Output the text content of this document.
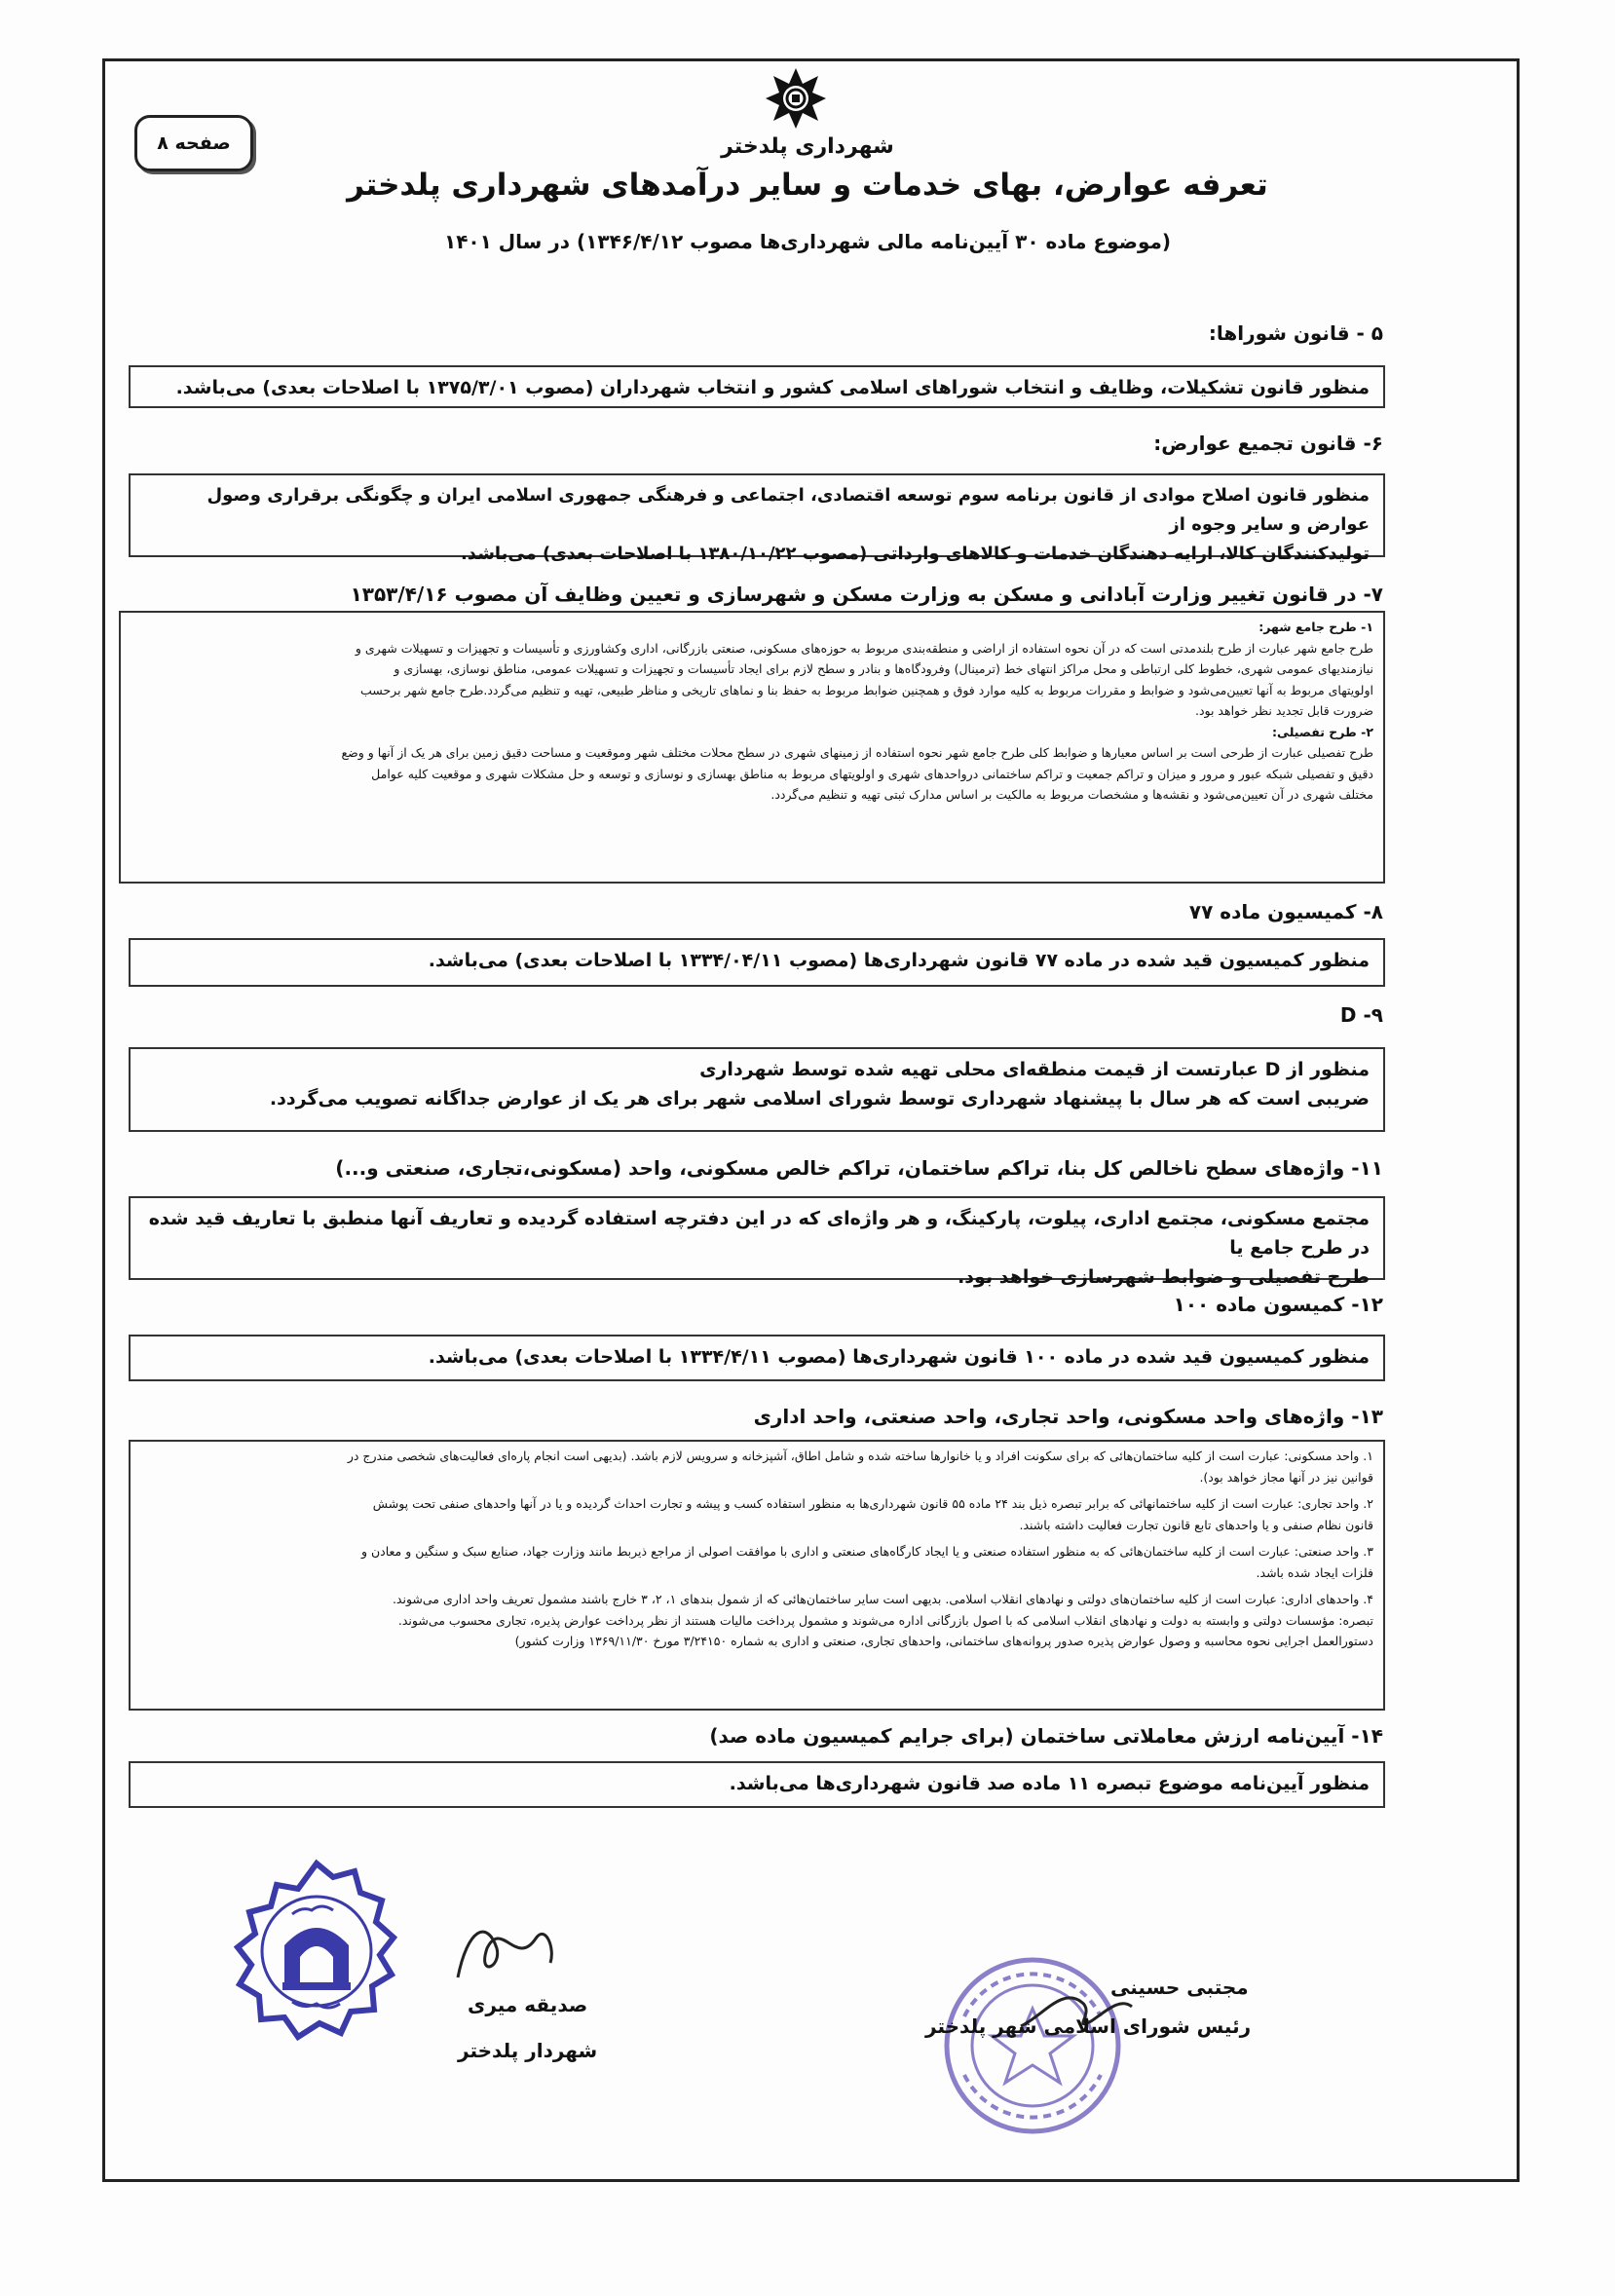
صفحه ۸	شهرداری پلدختر
تعرفه عوارض، بهای خدمات و سایر درآمدهای شهرداری پلدختر
(موضوع ماده ۳۰ آیین‌نامه مالی شهرداری‌ها مصوب ۱۳۴۶/۴/۱۲) در سال ۱۴۰۱
۵ - قانون شوراها:

منظور قانون تشکیلات، وظایف و انتخاب شوراهای اسلامی کشور و انتخاب شهرداران (مصوب ۱۳۷۵/۳/۰۱ با اصلاحات بعدی) می‌باشد.

۶- قانون تجمیع عوارض:

منظور قانون اصلاح موادی از قانون برنامه سوم توسعه اقتصادی، اجتماعی و فرهنگی جمهوری اسلامی ایران و چگونگی برقراری وصول عوارض و سایر وجوه از

تولیدکنندگان کالا، ارایه دهندگان خدمات و کالاهای وارداتی (مصوب ۱۳۸۰/۱۰/۲۲ با اصلاحات بعدی) می‌باشد.

۷- در قانون تغییر وزارت آبادانی و مسکن به وزارت مسکن و شهرسازی و تعیین وظایف آن مصوب ۱۳۵۳/۴/۱۶

۱- طرح جامع شهر:

طرح جامع شهر عبارت از طرح بلندمدتی است که در آن نحوه استفاده از اراضی و منطقه‌بندی مربوط به حوزه‌های مسکونی، صنعتی بازرگانی، اداری وکشاورزی و تأسیسات و تجهیزات و تسهیلات شهری و

نیازمندیهای عمومی شهری، خطوط کلی ارتباطی و محل مراکز انتهای خط (ترمینال) وفرودگاه‌ها و بنادر و سطح لازم برای ایجاد تأسیسات و تجهیزات و تسهیلات عمومی، مناطق نوسازی، بهسازی و

اولویتهای مربوط به آنها تعیین‌می‌شود و ضوابط و مقررات مربوط به کلیه موارد فوق و همچنین ضوابط مربوط به حفظ بنا و نماهای تاریخی و مناظر طبیعی، تهیه و تنظیم می‌گردد.طرح جامع شهر برحسب

ضرورت قابل تجدید نظر خواهد بود.

۲- طرح تفصیلی:

طرح تفصیلی عبارت از طرحی است بر اساس معیارها و ضوابط کلی طرح جامع شهر نحوه استفاده از زمینهای شهری در سطح محلات مختلف شهر وموقعیت و مساحت دقیق زمین برای هر یک از آنها و وضع

دقیق و تفصیلی شبکه عبور و مرور و میزان و تراکم جمعیت و تراکم ساختمانی درواحدهای شهری و اولویتهای مربوط به مناطق بهسازی و نوسازی و توسعه و حل مشکلات شهری و موقعیت کلیه عوامل

مختلف شهری در آن تعیین‌می‌شود و نقشه‌ها و مشخصات مربوط به مالکیت بر اساس مدارک ثبتی تهیه و تنظیم می‌گردد.

۸- کمیسیون ماده ۷۷

منظور کمیسیون قید شده در ماده ۷۷ قانون شهرداری‌ها (مصوب ۱۳۳۴/۰۴/۱۱ با اصلاحات بعدی) می‌باشد.

۹- D

منظور از D عبارتست از قیمت منطقه‌ای محلی تهیه شده توسط شهرداری

ضریبی است که هر سال با پیشنهاد شهرداری توسط شورای اسلامی شهر برای هر یک از عوارض جداگانه تصویب می‌گردد.

۱۱- واژه‌های سطح ناخالص کل بنا، تراکم ساختمان، تراکم خالص مسکونی، واحد (مسکونی،تجاری، صنعتی و...)

مجتمع مسکونی، مجتمع اداری، پیلوت، پارکینگ، و هر واژه‌ای که در این دفترچه استفاده گردیده و تعاریف آنها منطبق با تعاریف قید شده در طرح جامع یا

طرح تفصیلی و ضوابط شهرسازی خواهد بود.

۱۲- کمیسون ماده ۱۰۰

منظور کمیسیون قید شده در ماده ۱۰۰ قانون شهرداری‌ها (مصوب ۱۳۳۴/۴/۱۱ با اصلاحات بعدی) می‌باشد.

۱۳- واژه‌های واحد مسکونی، واحد تجاری، واحد صنعتی، واحد اداری

۱. واحد مسکونی: عبارت است از کلیه ساختمان‌هائی که برای سکونت افراد و یا خانوارها ساخته شده و شامل اطاق، آشپزخانه و سرویس لازم باشد. (بدیهی است انجام پاره‌ای فعالیت‌های شخصی مندرج در

قوانین نیز در آنها مجاز خواهد بود).

۲. واحد تجاری: عبارت است از کلیه ساختمانهائی که برابر تبصره ذیل بند ۲۴ ماده ۵۵ قانون شهرداری‌ها به منظور استفاده کسب و پیشه و تجارت احداث گردیده و یا در آنها واحدهای صنفی تحت پوشش

قانون نظام صنفی و یا واحدهای تابع قانون تجارت فعالیت داشته باشند.

۳. واحد صنعتی: عبارت است از کلیه ساختمان‌هائی که به منظور استفاده صنعتی و یا ایجاد کارگاه‌های صنعتی و اداری با موافقت اصولی از مراجع ذیربط مانند وزارت جهاد، صنایع سبک و سنگین و معادن و

فلزات ایجاد شده باشد.

۴. واحدهای اداری: عبارت است از کلیه ساختمان‌های دولتی و نهادهای انقلاب اسلامی. بدیهی است سایر ساختمان‌هائی که از شمول بندهای ۱، ۲، ۳ خارج باشند مشمول تعریف واحد اداری می‌شوند.

تبصره: مؤسسات دولتی و وابسته به دولت و نهادهای انقلاب اسلامی که با اصول بازرگانی اداره می‌شوند و مشمول پرداخت مالیات هستند از نظر پرداخت عوارض پذیره، تجاری محسوب می‌شوند.

دستورالعمل اجرایی نحوه محاسبه و وصول عوارض پذیره صدور پروانه‌های ساختمانی، واحدهای تجاری، صنعتی و اداری به شماره ۳/۲۴۱۵۰ مورخ ۱۳۶۹/۱۱/۳۰ وزارت کشور)

۱۴- آیین‌نامه ارزش معاملاتی ساختمان (برای جرایم کمیسیون ماده صد)

منظور آیین‌نامه موضوع تبصره ۱۱ ماده صد قانون شهرداری‌ها می‌باشد.

مجتبی حسینی
رئیس شورای اسلامی شهر پلدختر
صدیقه میری
شهردار پلدختر
